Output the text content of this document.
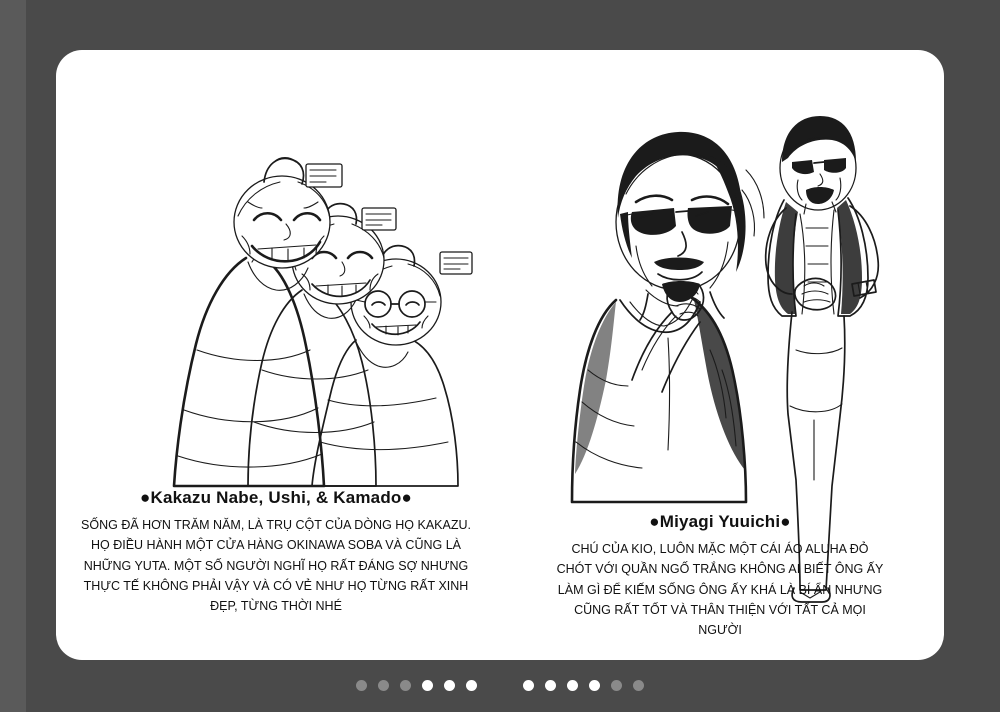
●Kakazu Nabe, Ushi, & Kamado●
SỐNG ĐÃ HƠN TRĂM NĂM, LÀ TRỤ CỘT CỦA DÒNG HỌ KAKAZU. HỌ ĐIỀU HÀNH MỘT CỬA HÀNG OKINAWA SOBA VÀ CŨNG LÀ NHỮNG YUTA. MỘT SỐ NGƯỜI NGHĨ HỌ RẤT ĐÁNG SỢ NHƯNG THỰC TẾ KHÔNG PHẢI VẬY VÀ CÓ VẺ NHƯ HỌ TỪNG RẤT XINH ĐẸP, TỪNG THỜI NHÉ
●Miyagi Yuuichi●
CHÚ CỦA KIO, LUÔN MẶC MỘT CÁI ÁO ALUHA ĐỎ CHÓT VỚI QUẦN NGỐ TRẮNG KHÔNG AI BIẾT ÔNG ẤY LÀM GÌ ĐỂ KIẾM SỐNG ÔNG ẤY KHÁ LÀ BÍ ẨN NHƯNG CŨNG RẤT TỐT VÀ THÂN THIỆN VỚI TẤT CẢ MỌI NGƯỜI
